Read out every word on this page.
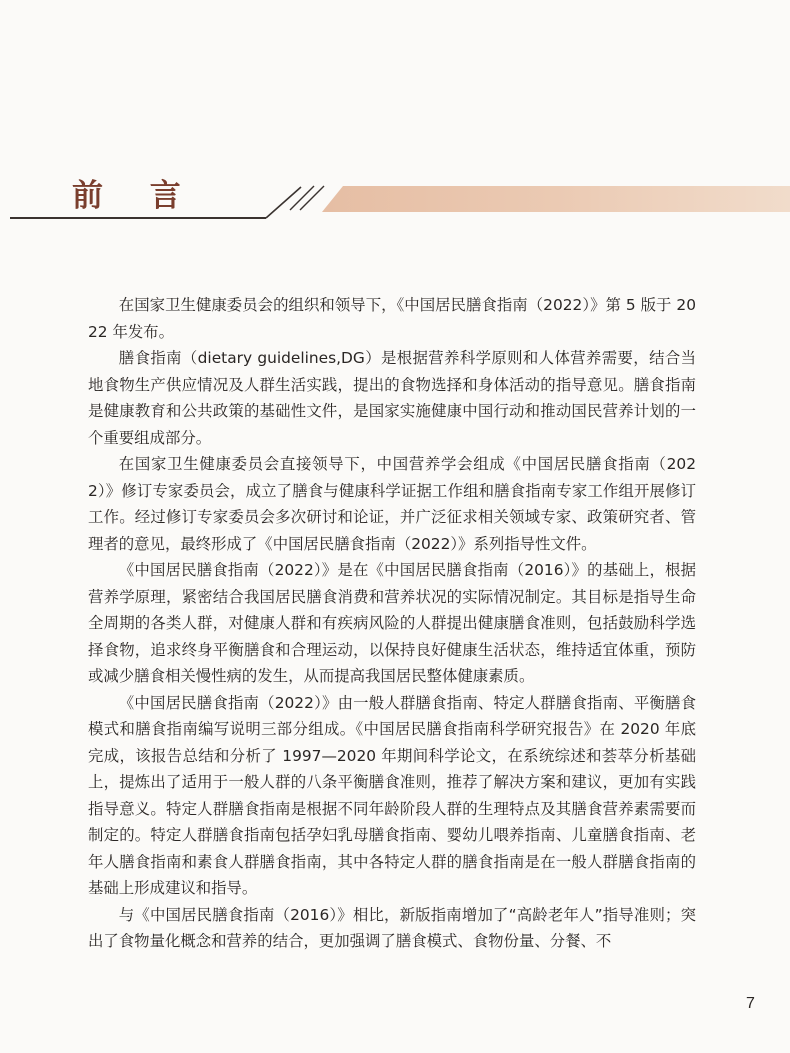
前 言

在国家卫生健康委员会的组织和领导下，《中国居民膳食指南（2022）》第 5 版于 2022 年发布。

膳食指南（dietary guidelines,DG）是根据营养科学原则和人体营养需要，结合当地食物生产供应情况及人群生活实践，提出的食物选择和身体活动的指导意见。膳食指南是健康教育和公共政策的基础性文件，是国家实施健康中国行动和推动国民营养计划的一个重要组成部分。

在国家卫生健康委员会直接领导下，中国营养学会组成《中国居民膳食指南（2022）》修订专家委员会，成立了膳食与健康科学证据工作组和膳食指南专家工作组开展修订工作。经过修订专家委员会多次研讨和论证，并广泛征求相关领域专家、政策研究者、管理者的意见，最终形成了《中国居民膳食指南（2022）》系列指导性文件。

《中国居民膳食指南（2022）》是在《中国居民膳食指南（2016）》的基础上，根据营养学原理，紧密结合我国居民膳食消费和营养状况的实际情况制定。其目标是指导生命全周期的各类人群，对健康人群和有疾病风险的人群提出健康膳食准则，包括鼓励科学选择食物，追求终身平衡膳食和合理运动，以保持良好健康生活状态，维持适宜体重，预防或减少膳食相关慢性病的发生，从而提高我国居民整体健康素质。

《中国居民膳食指南（2022）》由一般人群膳食指南、特定人群膳食指南、平衡膳食模式和膳食指南编写说明三部分组成。《中国居民膳食指南科学研究报告》在 2020 年底完成，该报告总结和分析了 1997—2020 年期间科学论文，在系统综述和荟萃分析基础上，提炼出了适用于一般人群的八条平衡膳食准则，推荐了解决方案和建议，更加有实践指导意义。特定人群膳食指南是根据不同年龄阶段人群的生理特点及其膳食营养素需要而制定的。特定人群膳食指南包括孕妇乳母膳食指南、婴幼儿喂养指南、儿童膳食指南、老年人膳食指南和素食人群膳食指南，其中各特定人群的膳食指南是在一般人群膳食指南的基础上形成建议和指导。

与《中国居民膳食指南（2016）》相比，新版指南增加了“高龄老年人”指导准则；突出了食物量化概念和营养的结合，更加强调了膳食模式、食物份量、分餐、不

7
